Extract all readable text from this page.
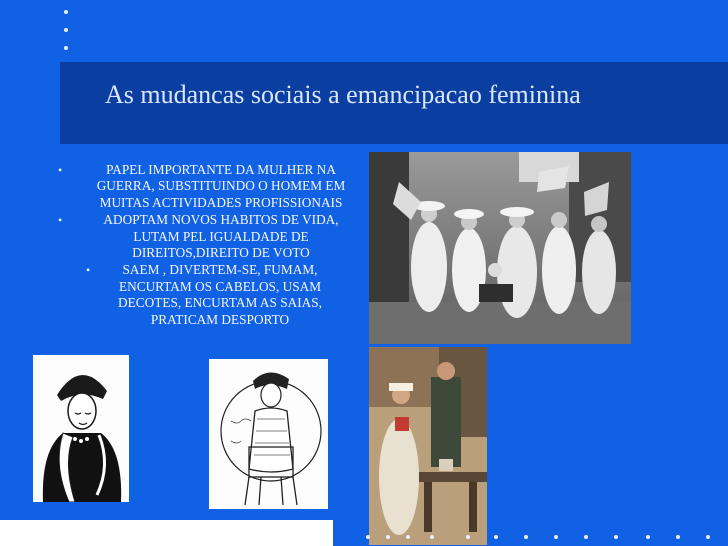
As mudancas sociais a emancipacao feminina
•	PAPEL IMPORTANTE DA MULHER NA GUERRA, SUBSTITUINDO O HOMEM EM MUITAS ACTIVIDADES PROFISSIONAIS
•	ADOPTAM NOVOS HABITOS DE VIDA, LUTAM PEL IGUALDADE DE DIREITOS,DIREITO DE VOTO
•	SAEM , DIVERTEM-SE, FUMAM, ENCURTAM OS CABELOS, USAM DECOTES, ENCURTAM AS SAIAS, PRATICAM DESPORTO
